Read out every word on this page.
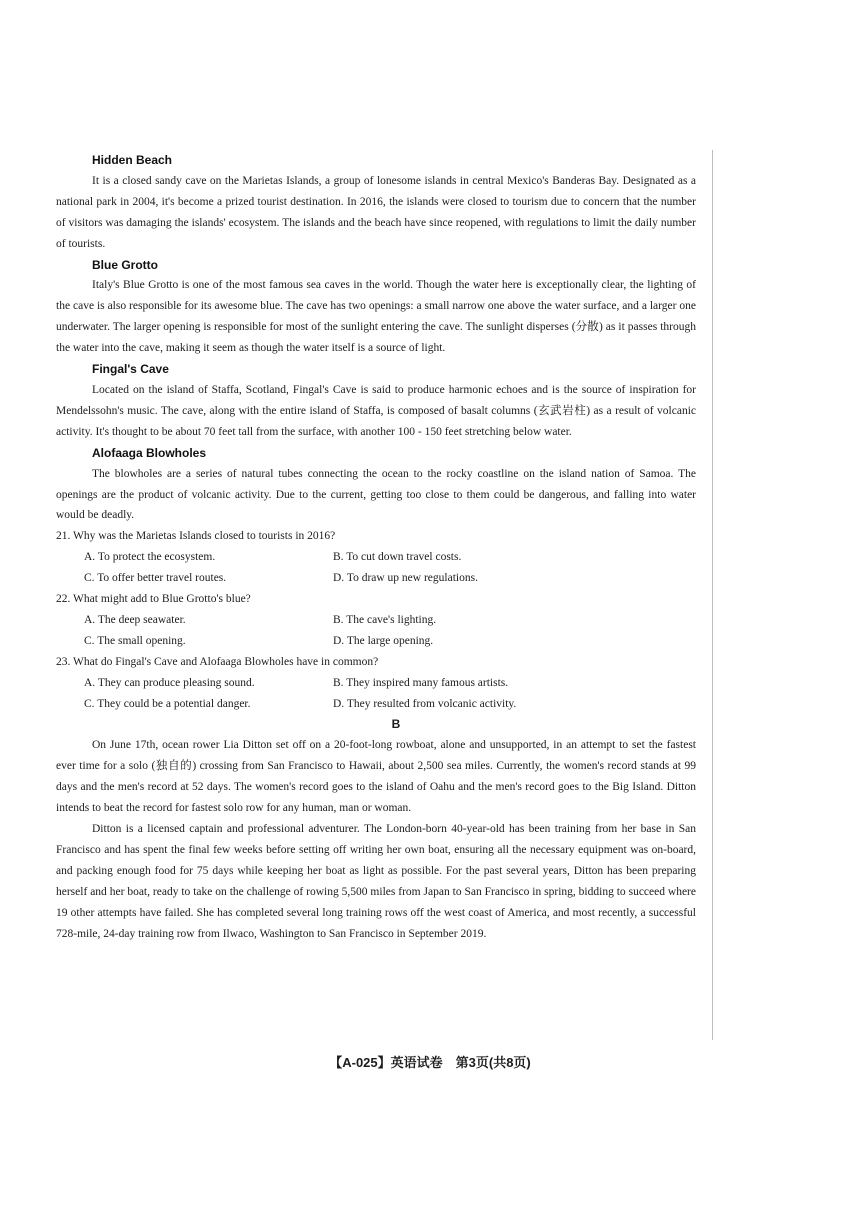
Hidden Beach

It is a closed sandy cave on the Marietas Islands, a group of lonesome islands in central Mexico's Banderas Bay. Designated as a national park in 2004, it's become a prized tourist destination. In 2016, the islands were closed to tourism due to concern that the number of visitors was damaging the islands' ecosystem. The islands and the beach have since reopened, with regulations to limit the daily number of tourists.

Blue Grotto

Italy's Blue Grotto is one of the most famous sea caves in the world. Though the water here is exceptionally clear, the lighting of the cave is also responsible for its awesome blue. The cave has two openings: a small narrow one above the water surface, and a larger one underwater. The larger opening is responsible for most of the sunlight entering the cave. The sunlight disperses (分散) as it passes through the water into the cave, making it seem as though the water itself is a source of light.

Fingal's Cave

Located on the island of Staffa, Scotland, Fingal's Cave is said to produce harmonic echoes and is the source of inspiration for Mendelssohn's music. The cave, along with the entire island of Staffa, is composed of basalt columns (玄武岩柱) as a result of volcanic activity. It's thought to be about 70 feet tall from the surface, with another 100 - 150 feet stretching below water.

Alofaaga Blowholes

The blowholes are a series of natural tubes connecting the ocean to the rocky coastline on the island nation of Samoa. The openings are the product of volcanic activity. Due to the current, getting too close to them could be dangerous, and falling into water would be deadly.

21. Why was the Marietas Islands closed to tourists in 2016?

A. To protect the ecosystem.	B. To cut down travel costs.
C. To offer better travel routes.	D. To draw up new regulations.

22. What might add to Blue Grotto's blue?

A. The deep seawater.	B. The cave's lighting.
C. The small opening.	D. The large opening.

23. What do Fingal's Cave and Alofaaga Blowholes have in common?

A. They can produce pleasing sound.	B. They inspired many famous artists.
C. They could be a potential danger.	D. They resulted from volcanic activity.

B

On June 17th, ocean rower Lia Ditton set off on a 20-foot-long rowboat, alone and unsupported, in an attempt to set the fastest ever time for a solo (独自的) crossing from San Francisco to Hawaii, about 2,500 sea miles. Currently, the women's record stands at 99 days and the men's record at 52 days. The women's record goes to the island of Oahu and the men's record goes to the Big Island. Ditton intends to beat the record for fastest solo row for any human, man or woman.

Ditton is a licensed captain and professional adventurer. The London-born 40-year-old has been training from her base in San Francisco and has spent the final few weeks before setting off writing her own boat, ensuring all the necessary equipment was on-board, and packing enough food for 75 days while keeping her boat as light as possible. For the past several years, Ditton has been preparing herself and her boat, ready to take on the challenge of rowing 5,500 miles from Japan to San Francisco in spring, bidding to succeed where 19 other attempts have failed. She has completed several long training rows off the west coast of America, and most recently, a successful 728-mile, 24-day training row from Ilwaco, Washington to San Francisco in September 2019.

【A-025】英语试卷　第3页(共8页)
